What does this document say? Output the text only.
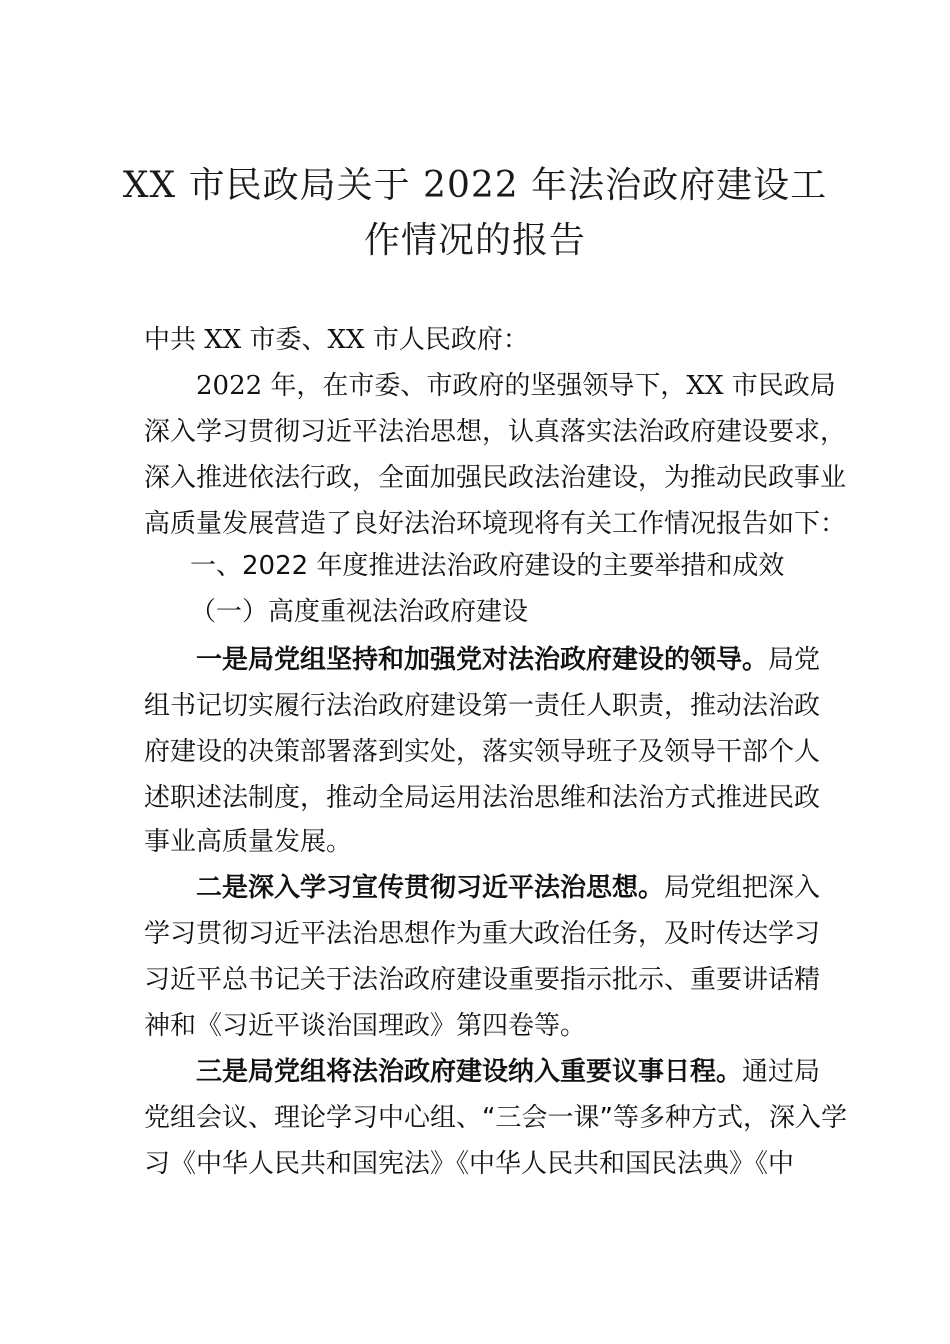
XX 市民政局关于 2022 年法治政府建设工
作情况的报告
中共 XX 市委、XX 市人民政府：
2022 年，在市委、市政府的坚强领导下，XX 市民政局
深入学习贯彻习近平法治思想，认真落实法治政府建设要求，
深入推进依法行政，全面加强民政法治建设，为推动民政事业
高质量发展营造了良好法治环境现将有关工作情况报告如下：
一、2022 年度推进法治政府建设的主要举措和成效
（一）高度重视法治政府建设
一是局党组坚持和加强党对法治政府建设的领导。局党
组书记切实履行法治政府建设第一责任人职责，推动法治政
府建设的决策部署落到实处，落实领导班子及领导干部个人
述职述法制度，推动全局运用法治思维和法治方式推进民政
事业高质量发展。
二是深入学习宣传贯彻习近平法治思想。局党组把深入
学习贯彻习近平法治思想作为重大政治任务，及时传达学习
习近平总书记关于法治政府建设重要指示批示、重要讲话精
神和《习近平谈治国理政》第四卷等。
三是局党组将法治政府建设纳入重要议事日程。通过局
党组会议、理论学习中心组、“三会一课”等多种方式，深入学
习《中华人民共和国宪法》《中华人民共和国民法典》《中
